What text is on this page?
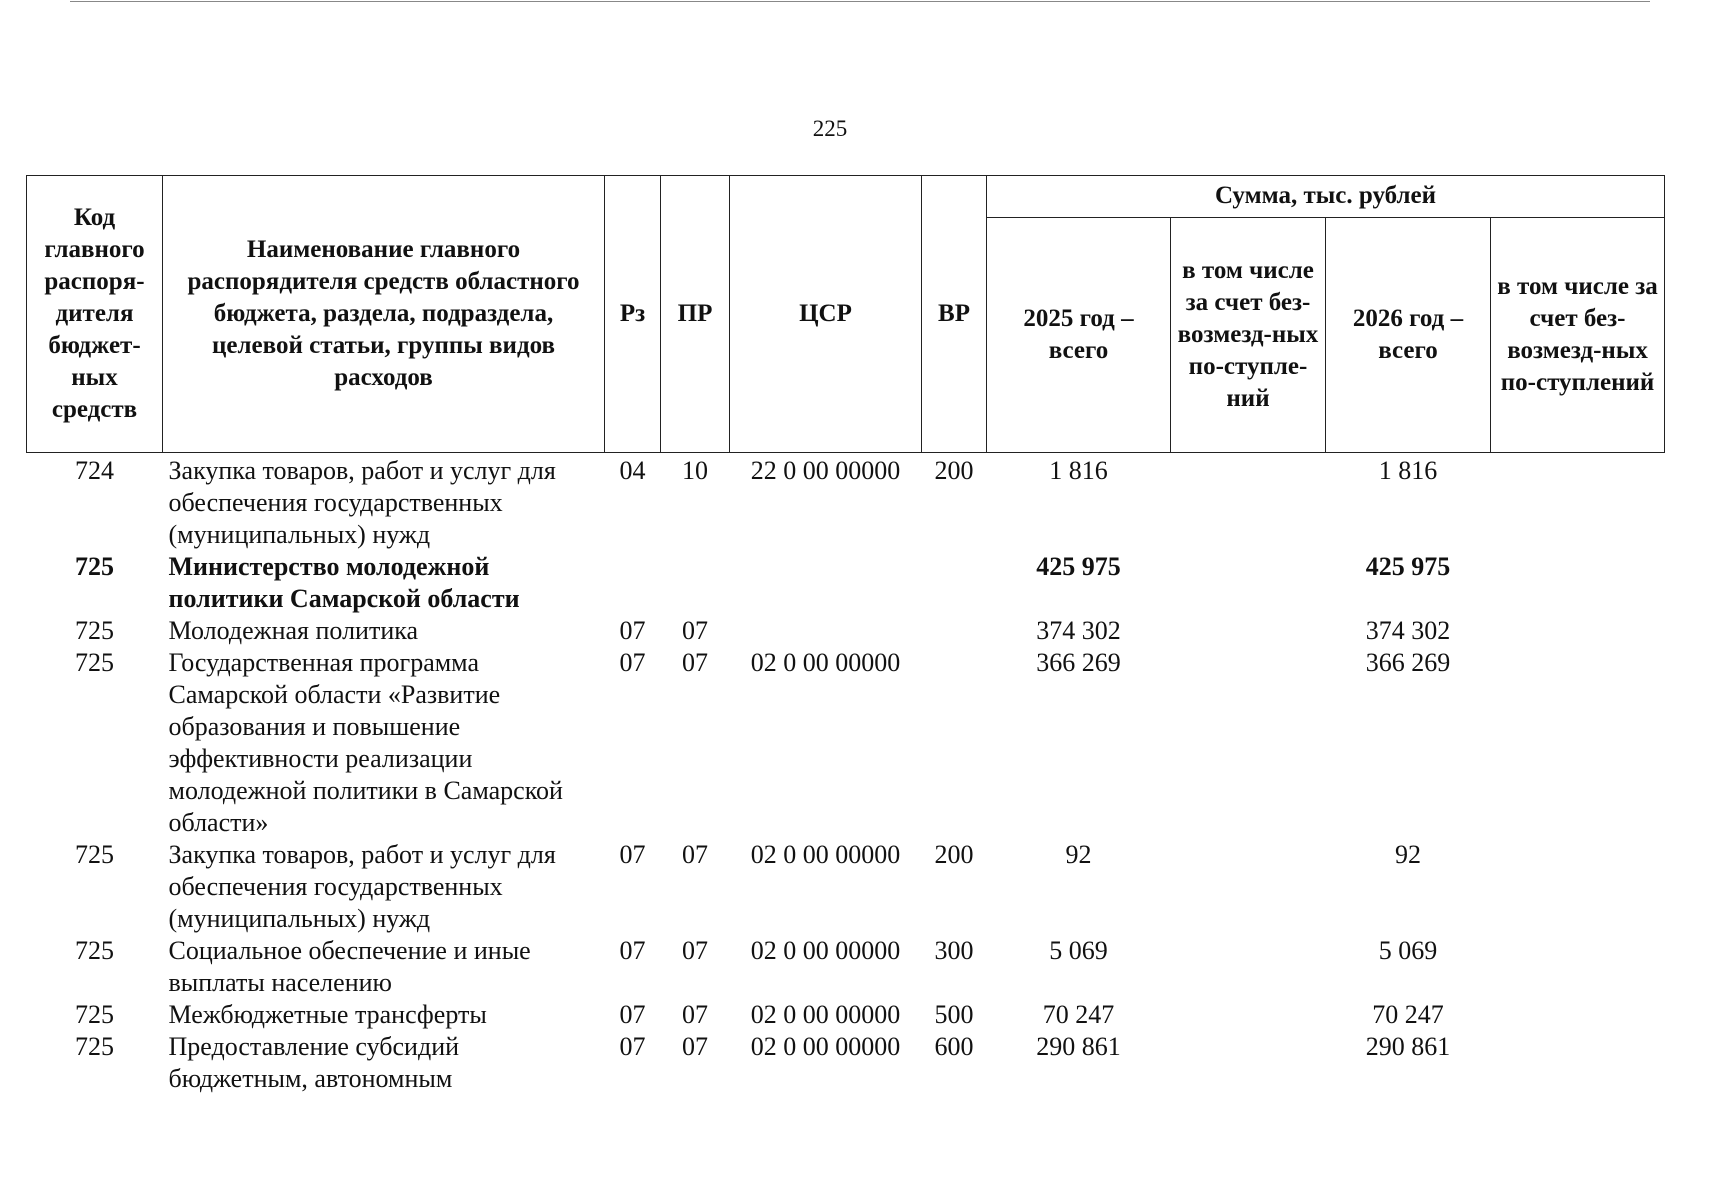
225
Код главного распоря-дителя бюджет-ных средств	Наименование главного распорядителя средств областного бюджета, раздела, подраздела, целевой статьи, группы видов расходов	Рз	ПР	ЦСР	ВР	Сумма, тыс. рублей			
						2025 год – всего	в том числе за счет без-возмезд-ных по-ступле-ний	2026 год – всего	в том числе за счет без-возмезд-ных по-ступлений
724	Закупка товаров, работ и услуг для обеспечения государственных (муниципальных) нужд	04	10	22 0 00 00000	200	1 816		1 816	
725	Министерство молодежной политики Самарской области					425 975		425 975	
725	Молодежная политика	07	07			374 302		374 302	
725	Государственная программа Самарской области «Развитие образования и повышение эффективности реализации молодежной политики в Самарской области»	07	07	02 0 00 00000		366 269		366 269	
725	Закупка товаров, работ и услуг для обеспечения государственных (муниципальных) нужд	07	07	02 0 00 00000	200	92		92	
725	Социальное обеспечение и иные выплаты населению	07	07	02 0 00 00000	300	5 069		5 069	
725	Межбюджетные трансферты	07	07	02 0 00 00000	500	70 247		70 247	
725	Предоставление субсидий бюджетным, автономным	07	07	02 0 00 00000	600	290 861		290 861	
